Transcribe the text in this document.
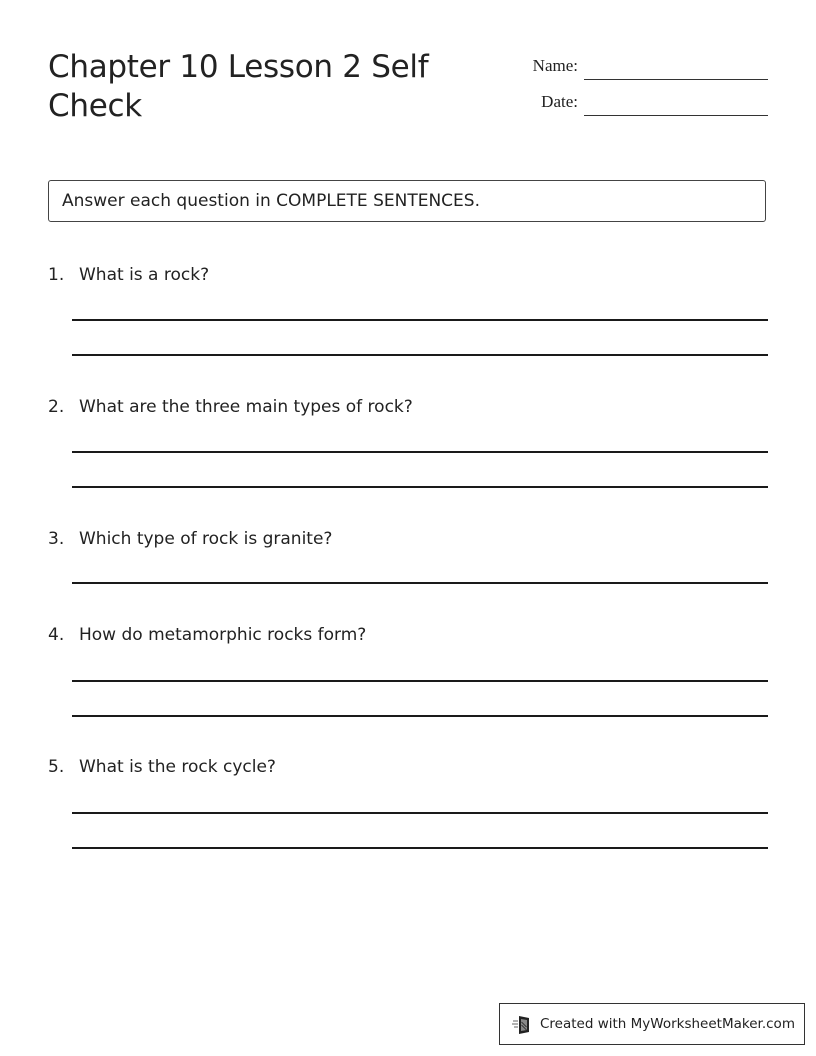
Chapter 10 Lesson 2 Self Check
Name:
Date:
Answer each question in COMPLETE SENTENCES.
1. What is a rock?
2. What are the three main types of rock?
3. Which type of rock is granite?
4. How do metamorphic rocks form?
5. What is the rock cycle?
Created with MyWorksheetMaker.com
